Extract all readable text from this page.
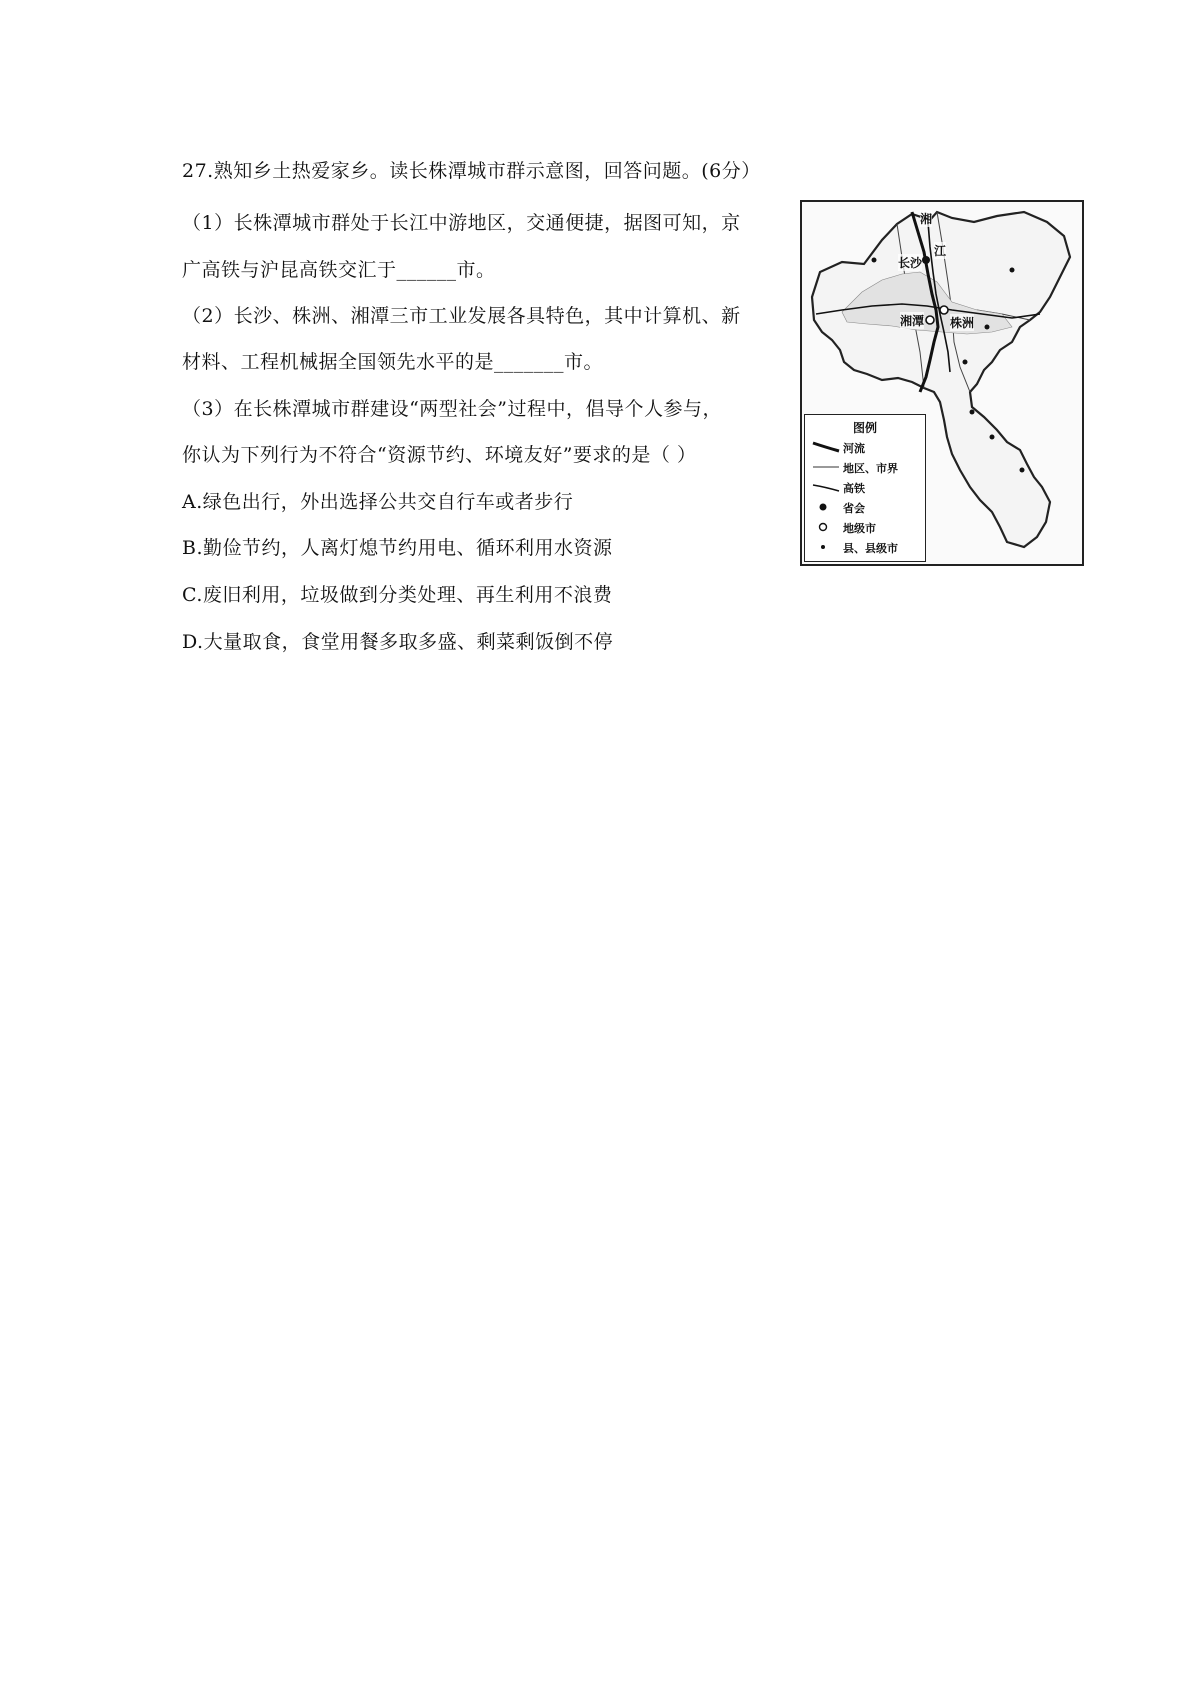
27.熟知乡土热爱家乡。读长株潭城市群示意图，回答问题。(6分）
（1）长株潭城市群处于长江中游地区，交通便捷，据图可知，京
广高铁与沪昆高铁交汇于______市。
（2）长沙、株洲、湘潭三市工业发展各具特色，其中计算机、新
材料、工程机械据全国领先水平的是_______市。
（3）在长株潭城市群建设“两型社会”过程中，倡导个人参与，
你认为下列行为不符合“资源节约、环境友好”要求的是（ ）
A.绿色出行，外出选择公共交自行车或者步行
B.勤俭节约，人离灯熄节约用电、循环利用水资源
C.废旧利用，垃圾做到分类处理、再生利用不浪费
D.大量取食，食堂用餐多取多盛、剩菜剩饭倒不停
湘
江
长沙
湘潭 株洲
图例
河流
地区、市界
高铁
省会
地级市
县、县级市
